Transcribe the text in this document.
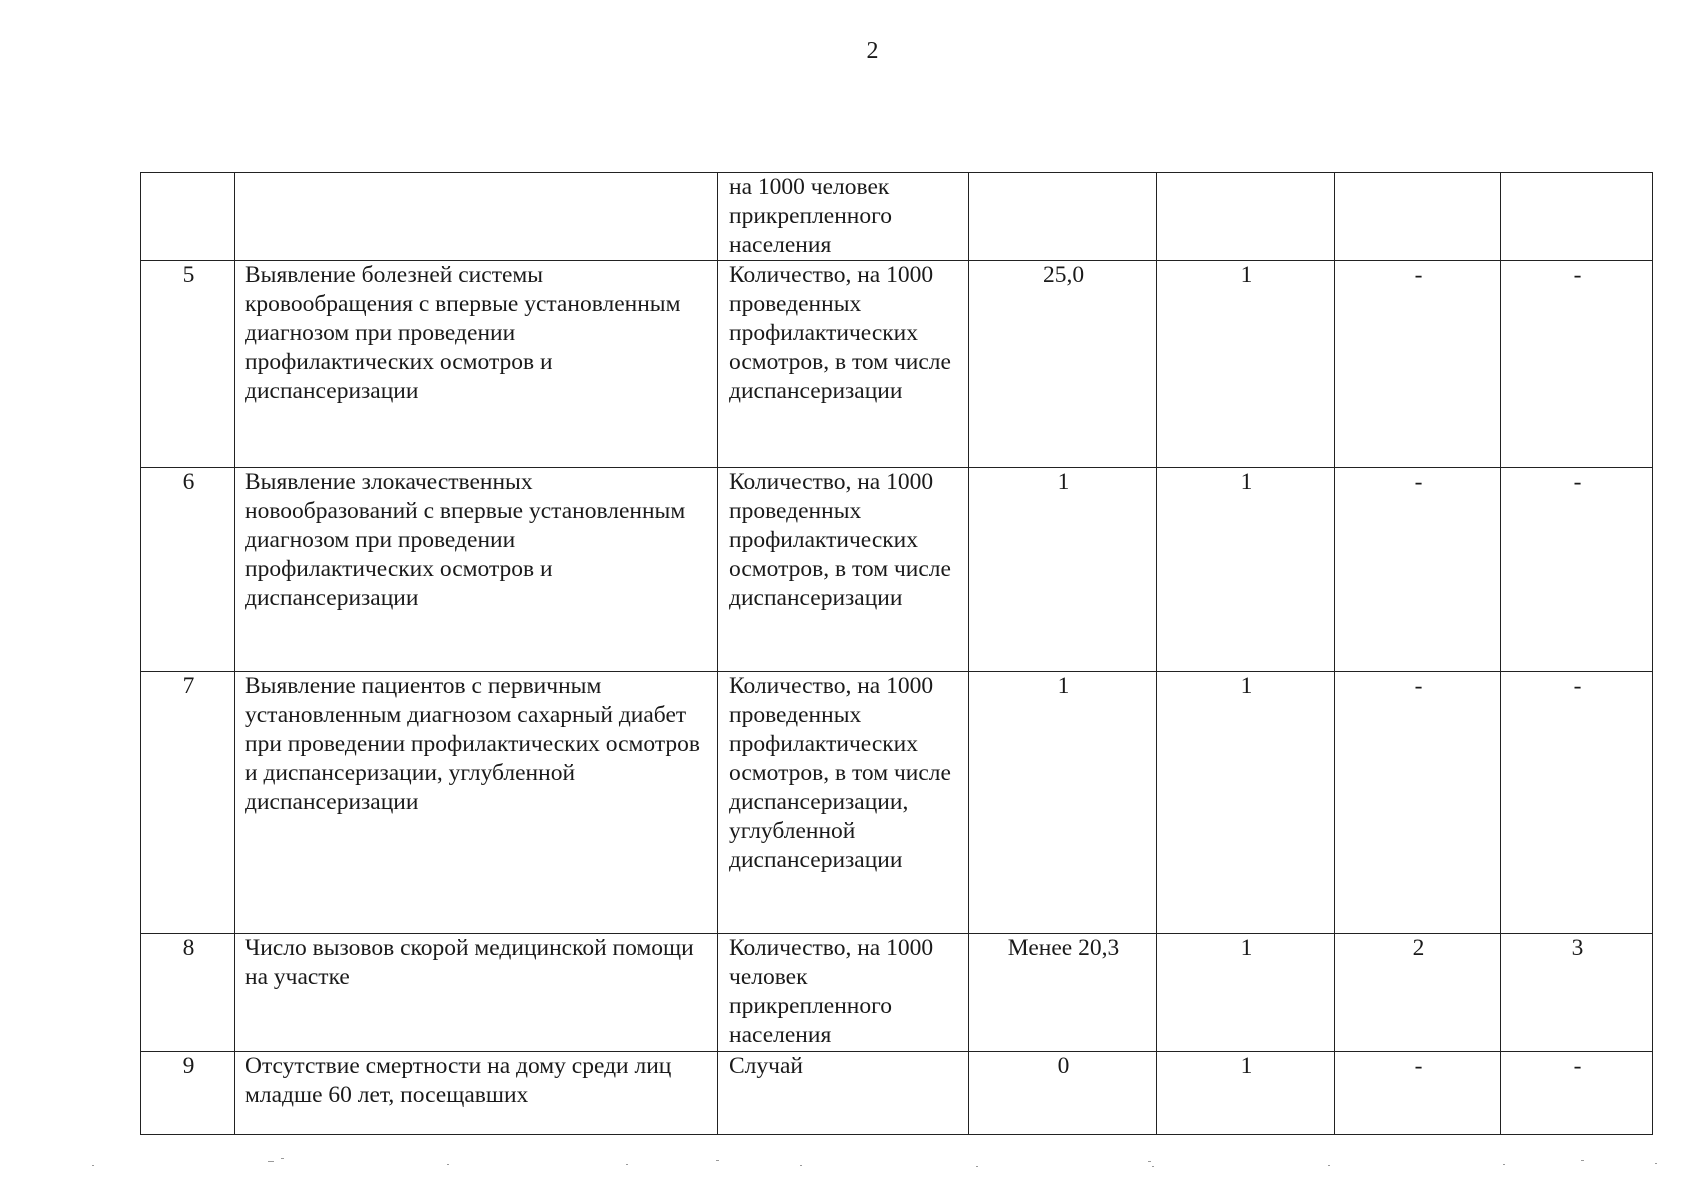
2
		на 1000 человек прикрепленного населения				
5	Выявление болезней системы кровообращения с впервые установленным диагнозом при проведении профилактических осмотров и диспансеризации	Количество, на 1000 проведенных профилактических осмотров, в том числе диспансеризации	25,0	1	-	-
6	Выявление злокачественных новообразований с впервые установленным диагнозом при проведении профилактических осмотров и диспансеризации	Количество, на 1000 проведенных профилактических осмотров, в том числе диспансеризации	1	1	-	-
7	Выявление пациентов с первичным установленным диагнозом сахарный диабет при проведении профилактических осмотров и диспансеризации, углубленной диспансеризации	Количество, на 1000 проведенных профилактических осмотров, в том числе диспансеризации, углубленной диспансеризации	1	1	-	-
8	Число вызовов скорой медицинской помощи на участке	Количество, на 1000 человек прикрепленного населения	Менее 20,3	1	2	3
9	Отсутствие смертности на дому среди лиц младше 60 лет, посещавших	Случай	0	1	-	-
